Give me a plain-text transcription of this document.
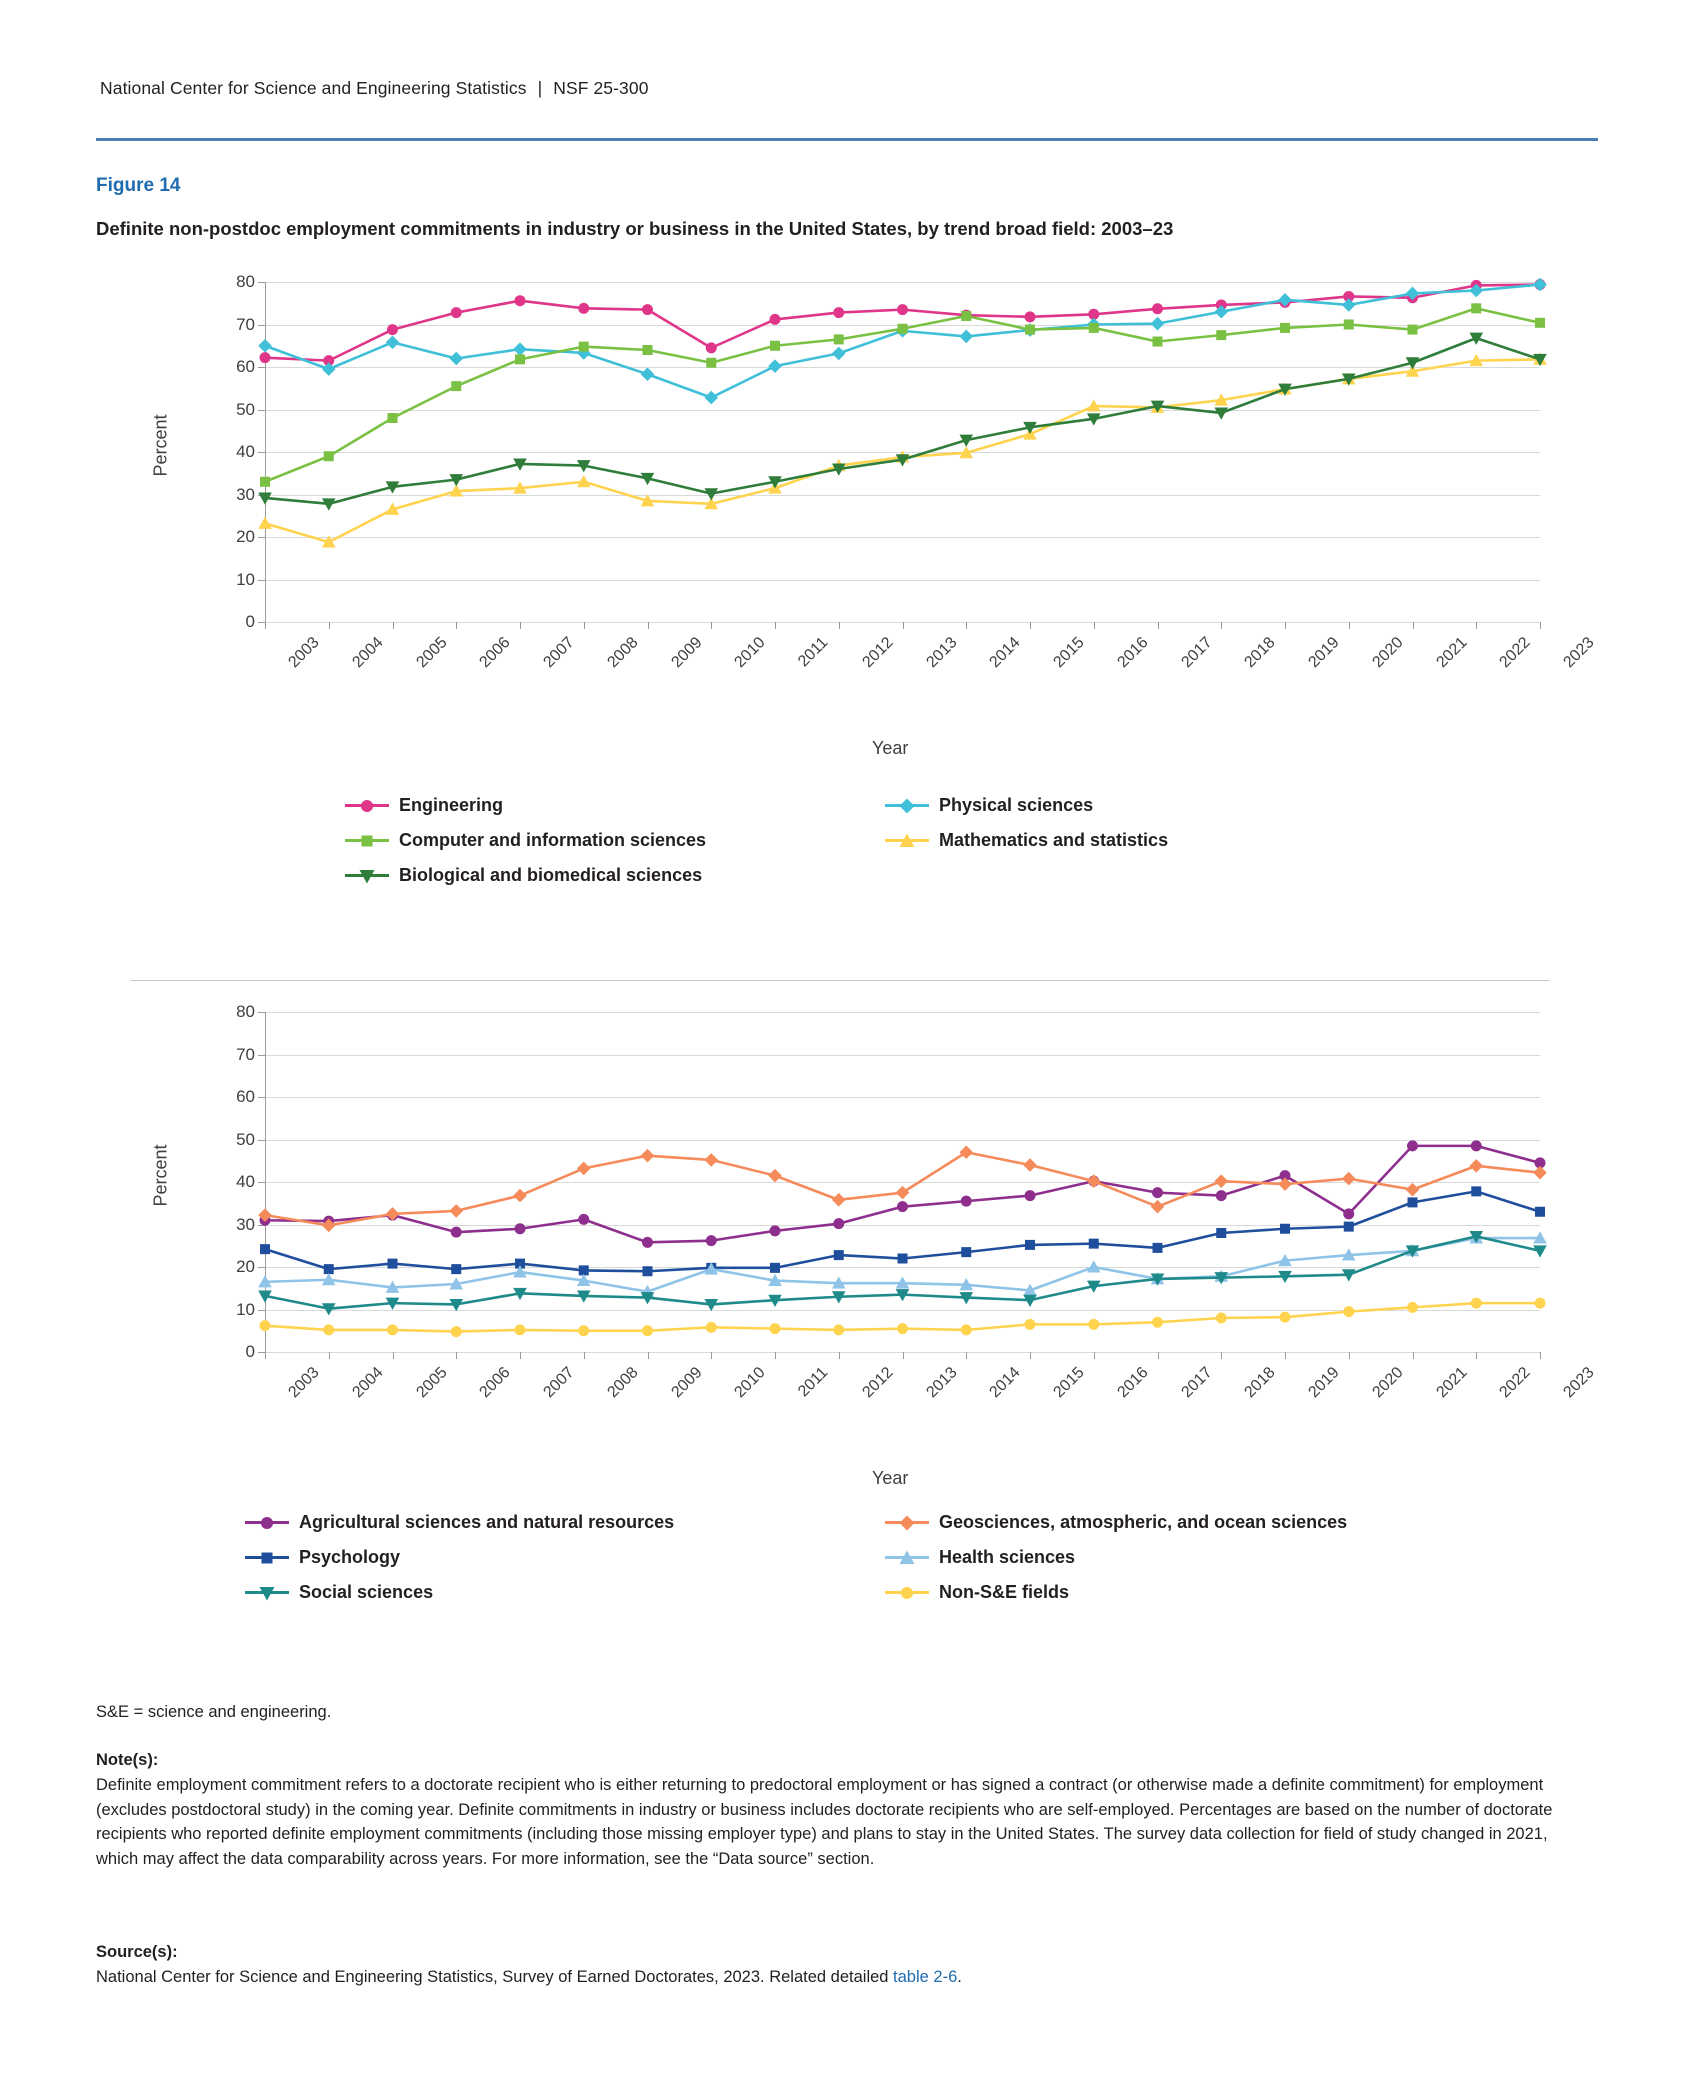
National Center for Science and Engineering Statistics | NSF 25-300
Figure 14
Definite non-postdoc employment commitments in industry or business in the United States, by trend broad field: 2003–23
0
10
20
30
40
50
60
70
80
2003 2004 2005 2006 2007 2008 2009 2010 2011 2012 2013 2014 2015 2016 2017 2018 2019 2020 2021 2022 2023
Percent
Year
Engineering	Physical sciences
Computer and information sciences	Mathematics and statistics
Biological and biomedical sciences
0
10
20
30
40
50
60
70
80
2003 2004 2005 2006 2007 2008 2009 2010 2011 2012 2013 2014 2015 2016 2017 2018 2019 2020 2021 2022 2023
Percent
Year
Agricultural sciences and natural resources	Geosciences, atmospheric, and ocean sciences
Psychology	Health sciences
Social sciences	Non-S&E fields
S&E = science and engineering.
Note(s):
Definite employment commitment refers to a doctorate recipient who is either returning to predoctoral employment or has signed a contract (or otherwise made a definite commitment) for employment (excludes postdoctoral study) in the coming year. Definite commitments in industry or business includes doctorate recipients who are self-employed. Percentages are based on the number of doctorate recipients who reported definite employment commitments (including those missing employer type) and plans to stay in the United States. The survey data collection for field of study changed in 2021, which may affect the data comparability across years. For more information, see the “Data source” section.
Source(s):
National Center for Science and Engineering Statistics, Survey of Earned Doctorates, 2023. Related detailed table 2-6.
